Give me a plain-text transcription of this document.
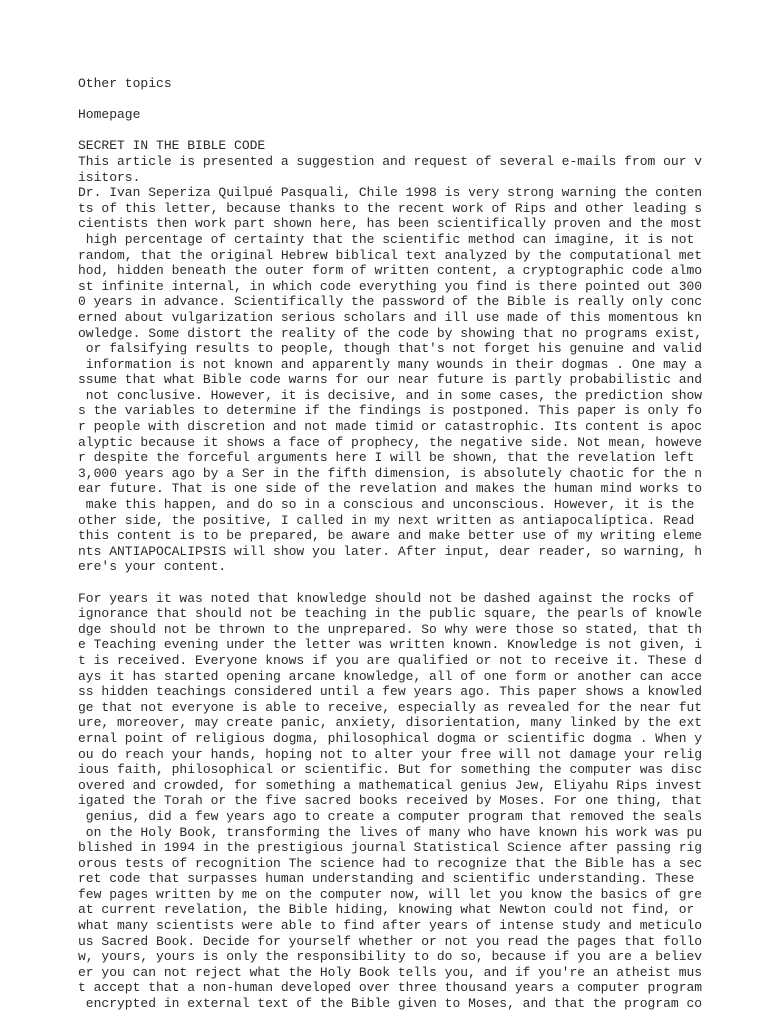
Other topics
Homepage
SECRET IN THE BIBLE CODE
This article is presented a suggestion and request of several e-mails from our v
isitors.
Dr. Ivan Seperiza Quilpué Pasquali, Chile 1998 is very strong warning the conten
ts of this letter, because thanks to the recent work of Rips and other leading s
cientists then work part shown here, has been scientifically proven and the most
high percentage of certainty that the scientific method can imagine, it is not
random, that the original Hebrew biblical text analyzed by the computational met
hod, hidden beneath the outer form of written content, a cryptographic code almo
st infinite internal, in which code everything you find is there pointed out 300
0 years in advance. Scientifically the password of the Bible is really only conc
erned about vulgarization serious scholars and ill use made of this momentous kn
owledge. Some distort the reality of the code by showing that no programs exist,
or falsifying results to people, though that's not forget his genuine and valid
information is not known and apparently many wounds in their dogmas . One may a
ssume that what Bible code warns for our near future is partly probabilistic and
not conclusive. However, it is decisive, and in some cases, the prediction show
s the variables to determine if the findings is postponed. This paper is only fo
r people with discretion and not made timid or catastrophic. Its content is apoc
alyptic because it shows a face of prophecy, the negative side. Not mean, howeve
r despite the forceful arguments here I will be shown, that the revelation left
3,000 years ago by a Ser in the fifth dimension, is absolutely chaotic for the n
ear future. That is one side of the revelation and makes the human mind works to
make this happen, and do so in a conscious and unconscious. However, it is the
other side, the positive, I called in my next written as antiapocalíptica. Read
this content is to be prepared, be aware and make better use of my writing eleme
nts ANTIAPOCALIPSIS will show you later. After input, dear reader, so warning, h
ere's your content.
For years it was noted that knowledge should not be dashed against the rocks of
ignorance that should not be teaching in the public square, the pearls of knowle
dge should not be thrown to the unprepared. So why were those so stated, that th
e Teaching evening under the letter was written known. Knowledge is not given, i
t is received. Everyone knows if you are qualified or not to receive it. These d
ays it has started opening arcane knowledge, all of one form or another can acce
ss hidden teachings considered until a few years ago. This paper shows a knowled
ge that not everyone is able to receive, especially as revealed for the near fut
ure, moreover, may create panic, anxiety, disorientation, many linked by the ext
ernal point of religious dogma, philosophical dogma or scientific dogma . When y
ou do reach your hands, hoping not to alter your free will not damage your relig
ious faith, philosophical or scientific. But for something the computer was disc
overed and crowded, for something a mathematical genius Jew, Eliyahu Rips invest
igated the Torah or the five sacred books received by Moses. For one thing, that
genius, did a few years ago to create a computer program that removed the seals
on the Holy Book, transforming the lives of many who have known his work was pu
blished in 1994 in the prestigious journal Statistical Science after passing rig
orous tests of recognition The science had to recognize that the Bible has a sec
ret code that surpasses human understanding and scientific understanding. These
few pages written by me on the computer now, will let you know the basics of gre
at current revelation, the Bible hiding, knowing what Newton could not find, or
what many scientists were able to find after years of intense study and meticulo
us Sacred Book. Decide for yourself whether or not you read the pages that follo
w, yours, yours is only the responsibility to do so, because if you are a believ
er you can not reject what the Holy Book tells you, and if you're an atheist mus
t accept that a non-human developed over three thousand years a computer program
encrypted in external text of the Bible given to Moses, and that the program co
